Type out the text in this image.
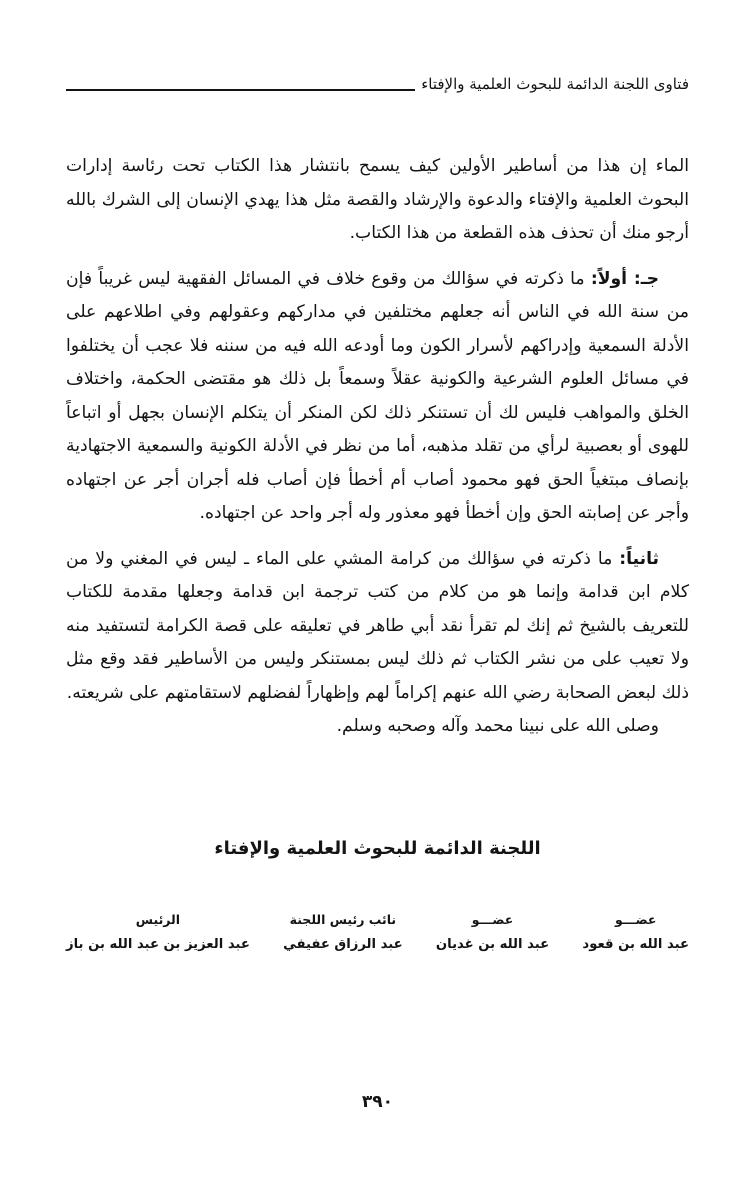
فتاوى اللجنة الدائمة للبحوث العلمية والإفتاء

الماء إن هذا من أساطير الأولين كيف يسمح بانتشار هذا الكتاب تحت رئاسة إدارات البحوث العلمية والإفتاء والدعوة والإرشاد والقصة مثل هذا يهدي الإنسان إلى الشرك بالله أرجو منك أن تحذف هذه القطعة من هذا الكتاب.

جـ: أولاً: ما ذكرته في سؤالك من وقوع خلاف في المسائل الفقهية ليس غريباً فإن من سنة الله في الناس أنه جعلهم مختلفين في مداركهم وعقولهم وفي اطلاعهم على الأدلة السمعية وإدراكهم لأسرار الكون وما أودعه الله فيه من سننه فلا عجب أن يختلفوا في مسائل العلوم الشرعية والكونية عقلاً وسمعاً بل ذلك هو مقتضى الحكمة، واختلاف الخلق والمواهب فليس لك أن تستنكر ذلك لكن المنكر أن يتكلم الإنسان بجهل أو اتباعاً للهوى أو بعصبية لرأي من تقلد مذهبه، أما من نظر في الأدلة الكونية والسمعية الاجتهادية بإنصاف مبتغياً الحق فهو محمود أصاب أم أخطأ فإن أصاب فله أجران أجر عن اجتهاده وأجر عن إصابته الحق وإن أخطأ فهو معذور وله أجر واحد عن اجتهاده.

ثانياً: ما ذكرته في سؤالك من كرامة المشي على الماء ـ ليس في المغني ولا من كلام ابن قدامة وإنما هو من كلام من كتب ترجمة ابن قدامة وجعلها مقدمة للكتاب للتعريف بالشيخ ثم إنك لم تقرأ نقد أبي طاهر في تعليقه على قصة الكرامة لتستفيد منه ولا تعيب على من نشر الكتاب ثم ذلك ليس بمستنكر وليس من الأساطير فقد وقع مثل ذلك لبعض الصحابة رضي الله عنهم إكراماً لهم وإظهاراً لفضلهم لاستقامتهم على شريعته.

وصلى الله على نبينا محمد وآله وصحبه وسلم.

اللجنة الدائمة للبحوث العلمية والإفتاء
عضـــو
عبد الله بن قعود
عضـــو
عبد الله بن غديان
نائب رئيس اللجنة
عبد الرزاق عفيفي
الرئيس
عبد العزيز بن عبد الله بن باز
٣٩٠
